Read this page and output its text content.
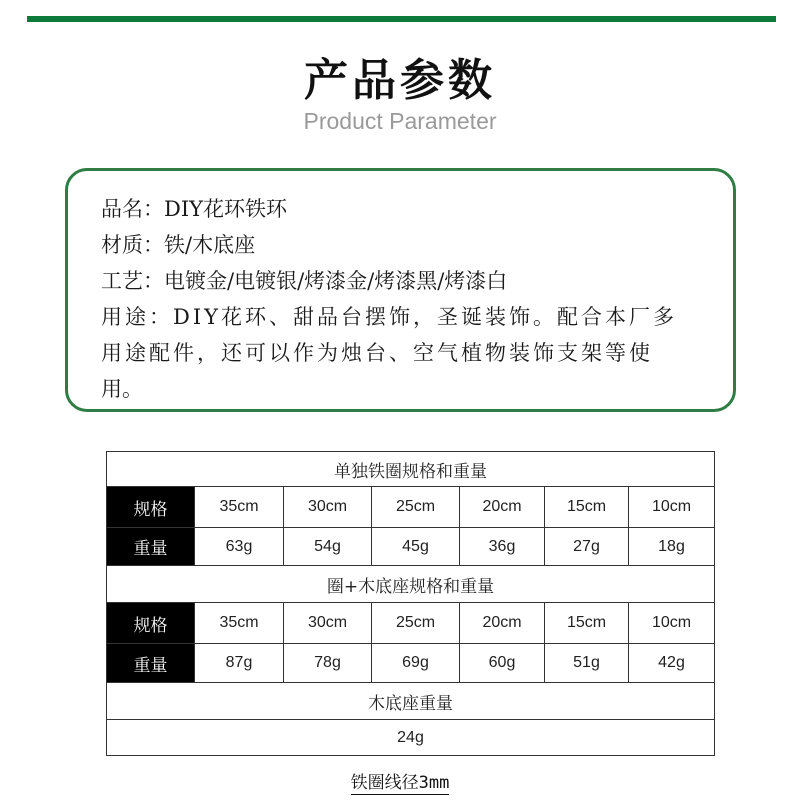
产品参数
Product Parameter
品名：DIY花环铁环
材质：铁/木底座
工艺：电镀金/电镀银/烤漆金/烤漆黑/烤漆白
用途：DIY花环、甜品台摆饰，圣诞装饰。配合本厂多
用途配件，还可以作为烛台、空气植物装饰支架等使
用。
单独铁圈规格和重量						
规格	35cm	30cm	25cm	20cm	15cm	10cm
重量	63g	54g	45g	36g	27g	18g
圈+木底座规格和重量						
规格	35cm	30cm	25cm	20cm	15cm	10cm
重量	87g	78g	69g	60g	51g	42g
木底座重量						
24g						
铁圈线径3mm
